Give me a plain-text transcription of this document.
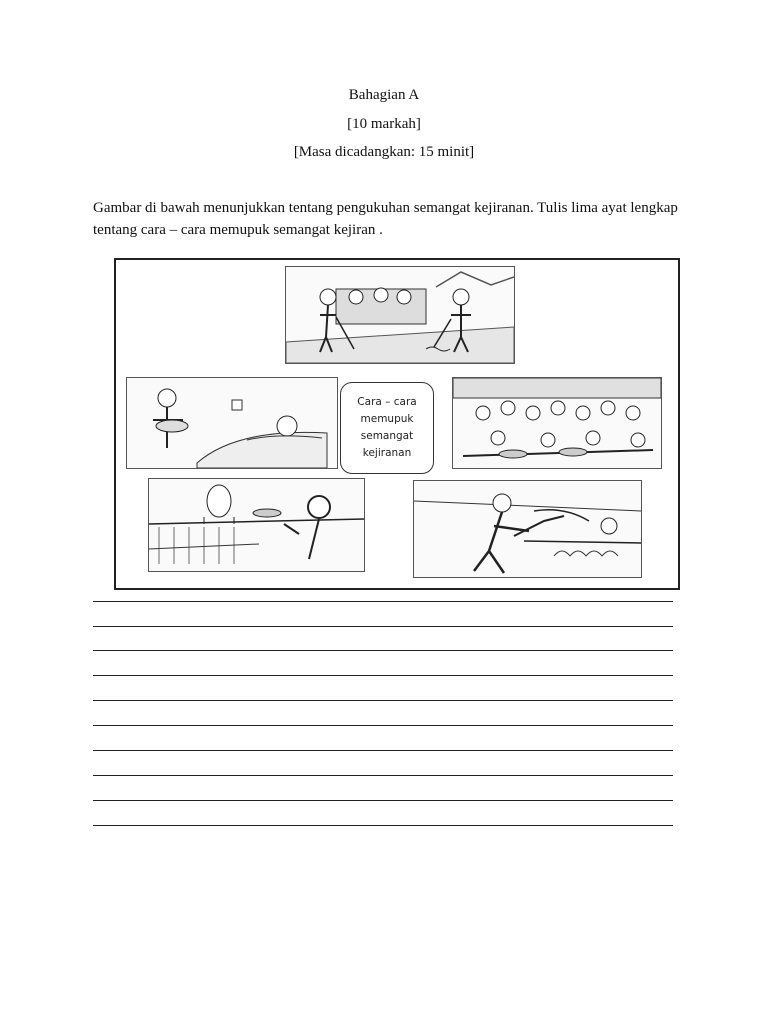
Bahagian A
[10 markah]
[Masa dicadangkan: 15 minit]
Gambar di bawah menunjukkan tentang pengukuhan semangat kejiranan. Tulis lima ayat lengkap tentang cara – cara memupuk semangat kejiran .
Cara – cara
memupuk
semangat
kejiranan
